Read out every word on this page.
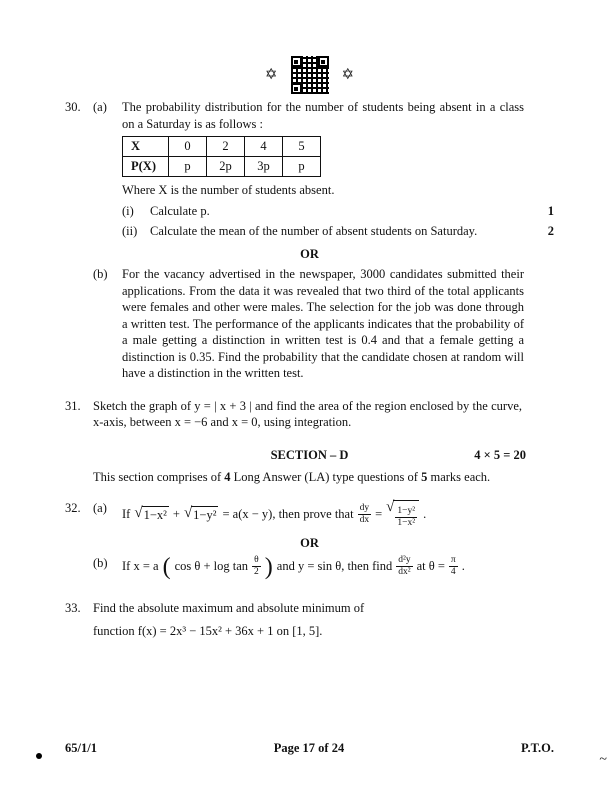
✡	✡
30. (a)	The probability distribution for the number of students being absent in a class on a Saturday is as follows :
X	0	2	4	5
P(X)	p	2p	3p	p
Where X is the number of students absent.
(i)	Calculate p.	1
(ii)	Calculate the mean of the number of absent students on Saturday.	2
OR
(b)	For the vacancy advertised in the newspaper, 3000 candidates submitted their applications. From the data it was revealed that two third of the total applicants were females and other were males. The selection for the job was done through a written test. The performance of the applicants indicates that the probability of a male getting a distinction in written test is 0.4 and that a female getting a distinction is 0.35. Find the probability that the candidate chosen at random will have a distinction in the written test.
31. Sketch the graph of y = | x + 3 | and find the area of the region enclosed by the curve, x-axis, between x = −6 and x = 0, using integration.
SECTION – D	4 × 5 = 20
This section comprises of 4 Long Answer (LA) type questions of 5 marks each.
32. (a)	If √ 1−x² + √ 1−y² = a(x − y), then prove that $\frac{dy}{dx}$ = √ $\frac{\text{1−y²}}{\text{1−x²}}$ .
OR
(b)	If x = a ( $\cos \theta + \log \tan \frac{\theta}{2}$ ) and y = sin θ, then find $\frac{\text{d²y}}{\text{dx²}}$ at $\theta = \frac{\pi}{4}$ .
33. Find the absolute maximum and absolute minimum of
function f(x) = 2x³ − 15x² + 36x + 1 on [1, 5].
65/1/1	Page 17 of 24	P.T.O.
~
